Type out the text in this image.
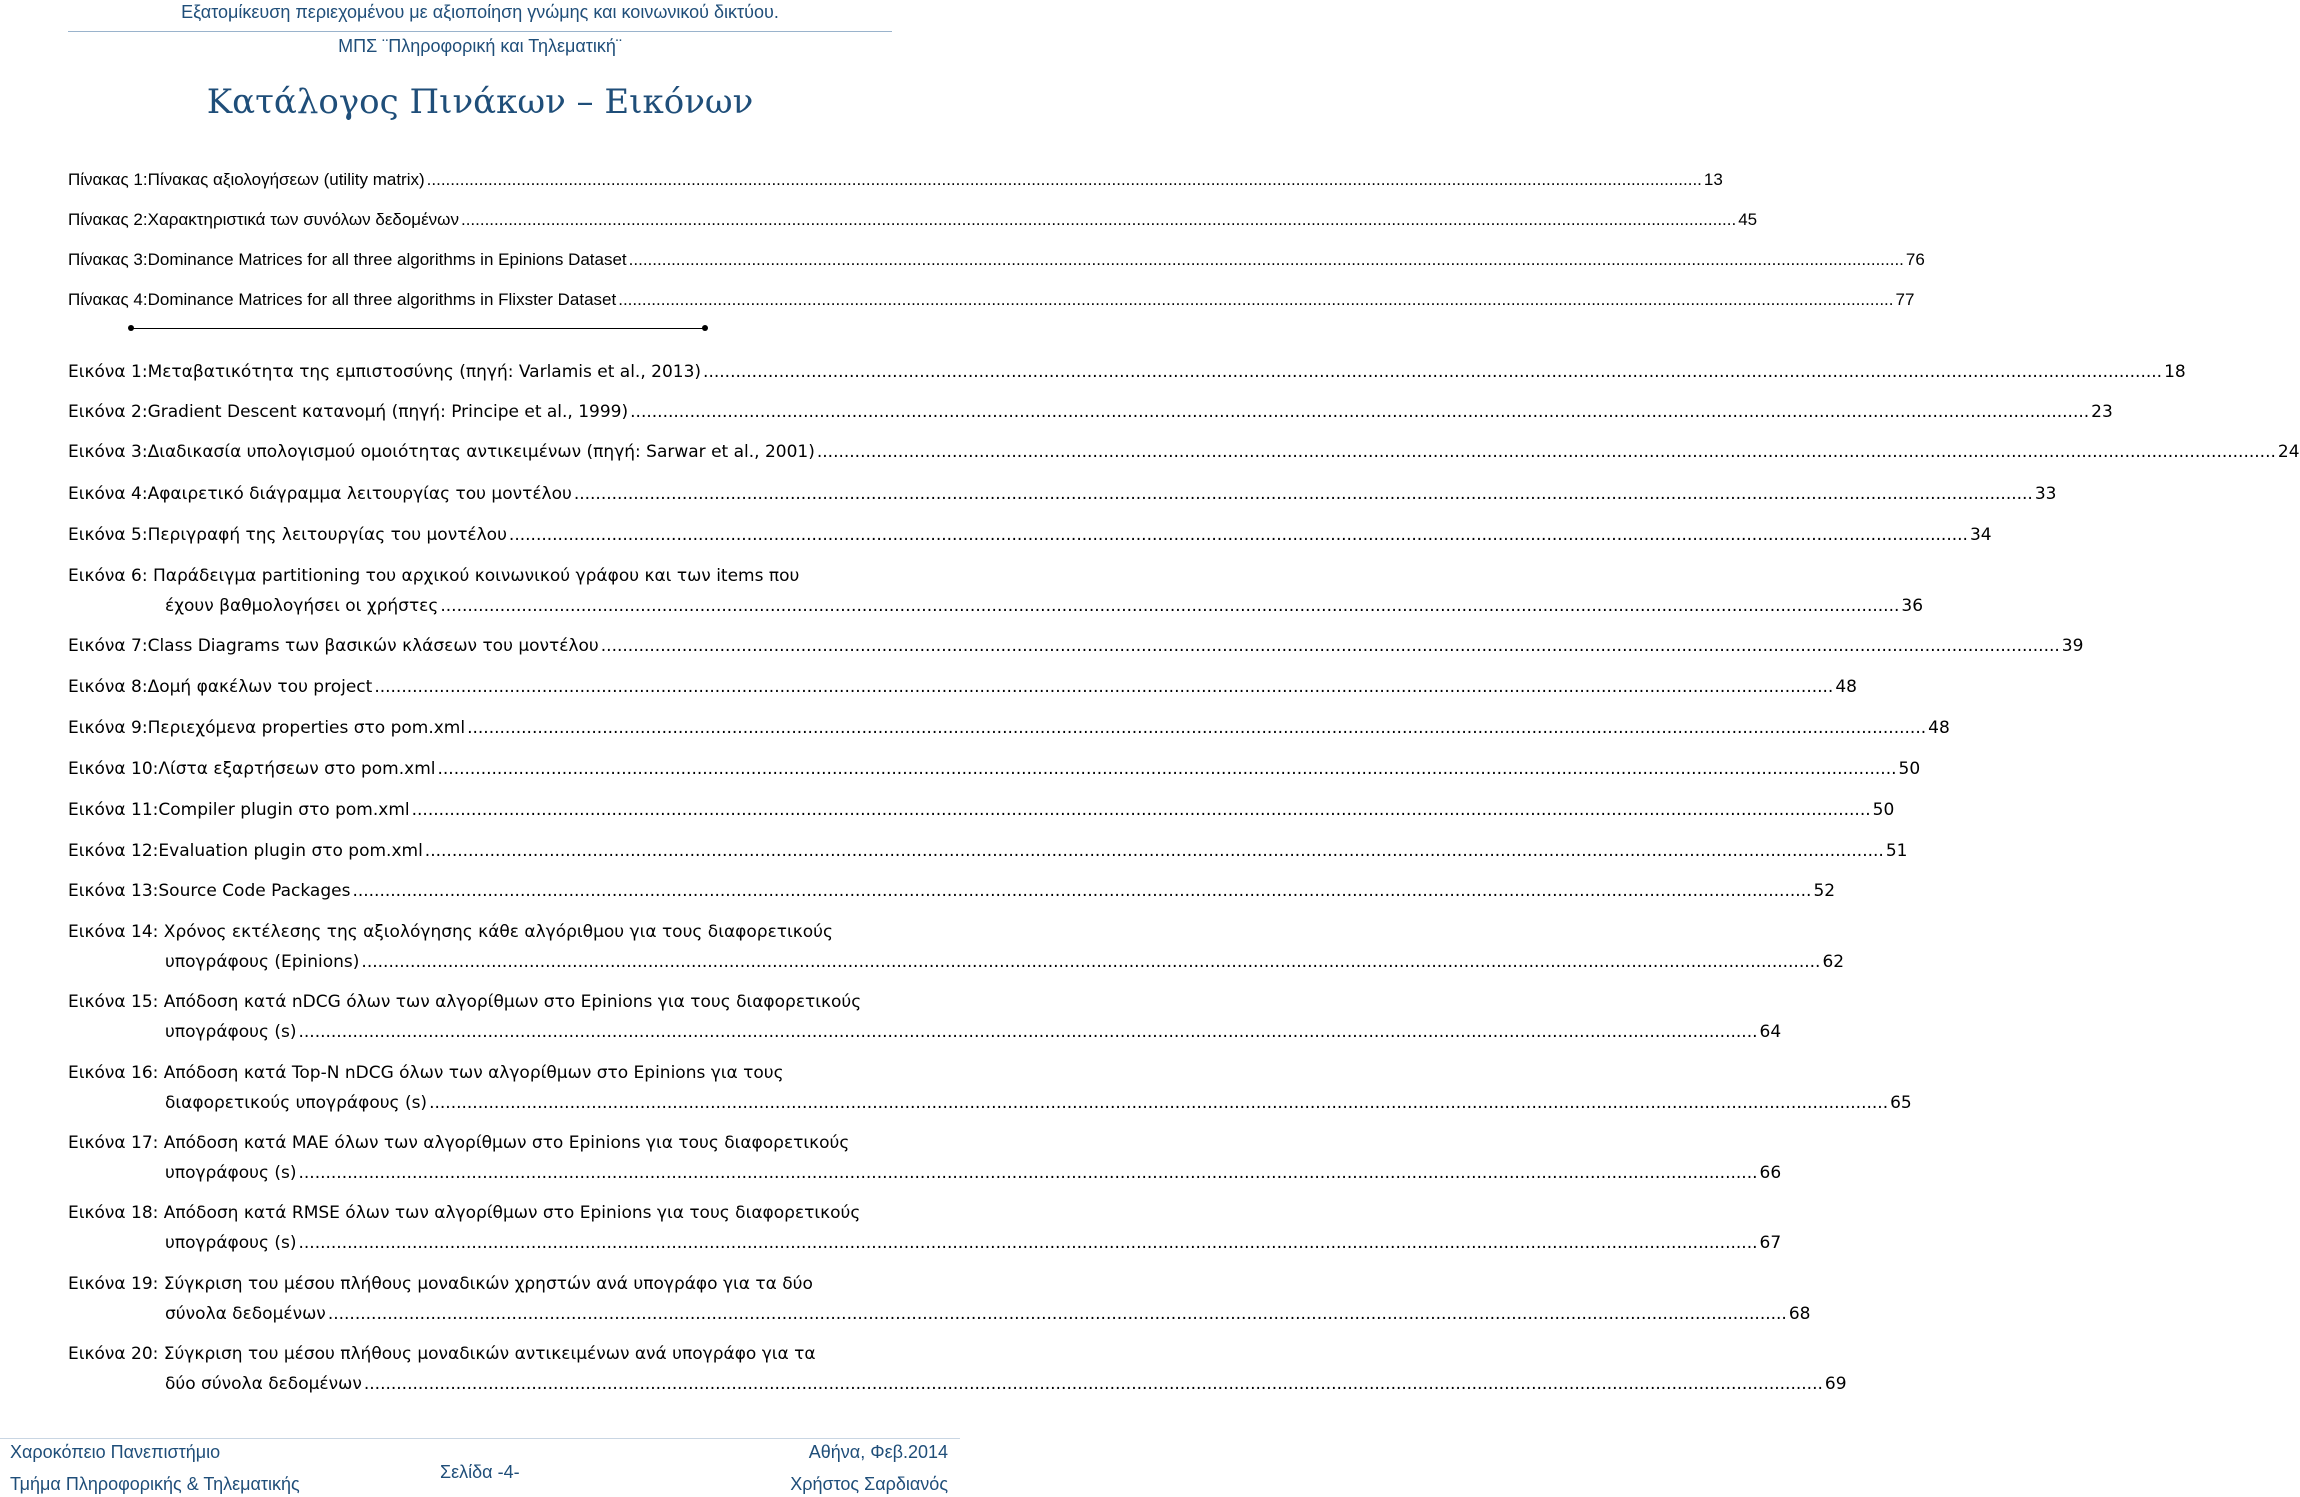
Εξατομίκευση περιεχομένου με αξιοποίηση γνώμης και κοινωνικού δικτύου.
ΜΠΣ ¨Πληροφορική και Τηλεματική¨
Κατάλογος Πινάκων – Εικόνων
Πίνακας 1: Πίνακας αξιολογήσεων (utility matrix) .....	13
Πίνακας 2: Χαρακτηριστικά των συνόλων δεδομένων .....	45
Πίνακας 3: Dominance Matrices for all three algorithms in Epinions Dataset .....	76
Πίνακας 4: Dominance Matrices for all three algorithms in Flixster Dataset .....	77
Εικόνα 1: Μεταβατικότητα της εμπιστοσύνης (πηγή: Varlamis et al., 2013) .....	18
Εικόνα 2: Gradient Descent κατανομή (πηγή: Principe et al., 1999) .....	23
Εικόνα 3: Διαδικασία υπολογισμού ομοιότητας αντικειμένων (πηγή: Sarwar et al., 2001) .....	24
Εικόνα 4: Αφαιρετικό διάγραμμα λειτουργίας του μοντέλου .....	33
Εικόνα 5: Περιγραφή της λειτουργίας του μοντέλου .....	34
Εικόνα 6: Παράδειγμα partitioning του αρχικού κοινωνικού γράφου και των items που
έχουν βαθμολογήσει οι χρήστες .....	36
Εικόνα 7: Class Diagrams των βασικών κλάσεων του μοντέλου .....	39
Εικόνα 8: Δομή φακέλων του project .....	48
Εικόνα 9: Περιεχόμενα properties στο pom.xml .....	48
Εικόνα 10: Λίστα εξαρτήσεων στο pom.xml .....	50
Εικόνα 11: Compiler plugin στο pom.xml .....	50
Εικόνα 12: Evaluation plugin στο pom.xml .....	51
Εικόνα 13: Source Code Packages .....	52
Εικόνα 14: Χρόνος εκτέλεσης της αξιολόγησης κάθε αλγόριθμου για τους διαφορετικούς
υπογράφους (Epinions) .....	62
Εικόνα 15: Απόδοση κατά nDCG όλων των αλγορίθμων στο Epinions για τους διαφορετικούς
υπογράφους (s) .....	64
Εικόνα 16: Απόδοση κατά Top-N nDCG όλων των αλγορίθμων στο Epinions για τους
διαφορετικούς υπογράφους (s) .....	65
Εικόνα 17: Απόδοση κατά MAE όλων των αλγορίθμων στο Epinions για τους διαφορετικούς
υπογράφους (s) .....	66
Εικόνα 18: Απόδοση κατά RMSE όλων των αλγορίθμων στο Epinions για τους διαφορετικούς
υπογράφους (s) .....	67
Εικόνα 19: Σύγκριση του μέσου πλήθους μοναδικών χρηστών ανά υπογράφο για τα δύο
σύνολα δεδομένων .....	68
Εικόνα 20: Σύγκριση του μέσου πλήθους μοναδικών αντικειμένων ανά υπογράφο για τα
δύο σύνολα δεδομένων .....	69
Χαροκόπειο Πανεπιστήμιο
Τμήμα Πληροφορικής & Τηλεματικής
Σελίδα -4-
Αθήνα, Φεβ.2014
Χρήστος Σαρδιανός
